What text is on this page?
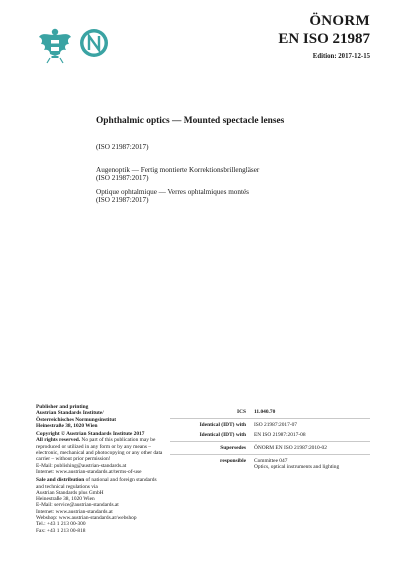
ÖNORM
EN ISO 21987
Edition: 2017-12-15
Ophthalmic optics — Mounted spectacle lenses
(ISO 21987:2017)
Augenoptik — Fertig montierte Korrektionsbrillengläser
(ISO 21987:2017)
Optique ophtalmique — Verres ophtalmiques montés
(ISO 21987:2017)
Publisher and printing
Austrian Standards Institute/
Österreichisches Normungsinstitut
Heinestraße 38, 1020 Wien
Copyright © Austrian Standards Institute 2017
All rights reserved. No part of this publication may be reproduced or utilized in any form or by any means – electronic, mechanical and photocopying or any other data carrier – without prior permission!
E-Mail: publishing@austrian-standards.at
Internet: www.austrian-standards.at/terms-of-use
Sale and distribution of national and foreign standards and technical regulations via
Austrian Standards plus GmbH
Heinestraße 38, 1020 Wien
E-Mail: service@austrian-standards.at
Internet: www.austrian-standards.at
Webshop: www.austrian-standards.at/webshop
Tel.: +43 1 213 00-300
Fax: +43 1 213 00-818
ICS	11.040.70
Identical (IDT) with	ISO 21987:2017-07
Identical (IDT) with	EN ISO 21987:2017-08
Supersedes	ÖNORM EN ISO 21987:2010-02
responsible	Committee 047
Optics, optical instruments and lighting
